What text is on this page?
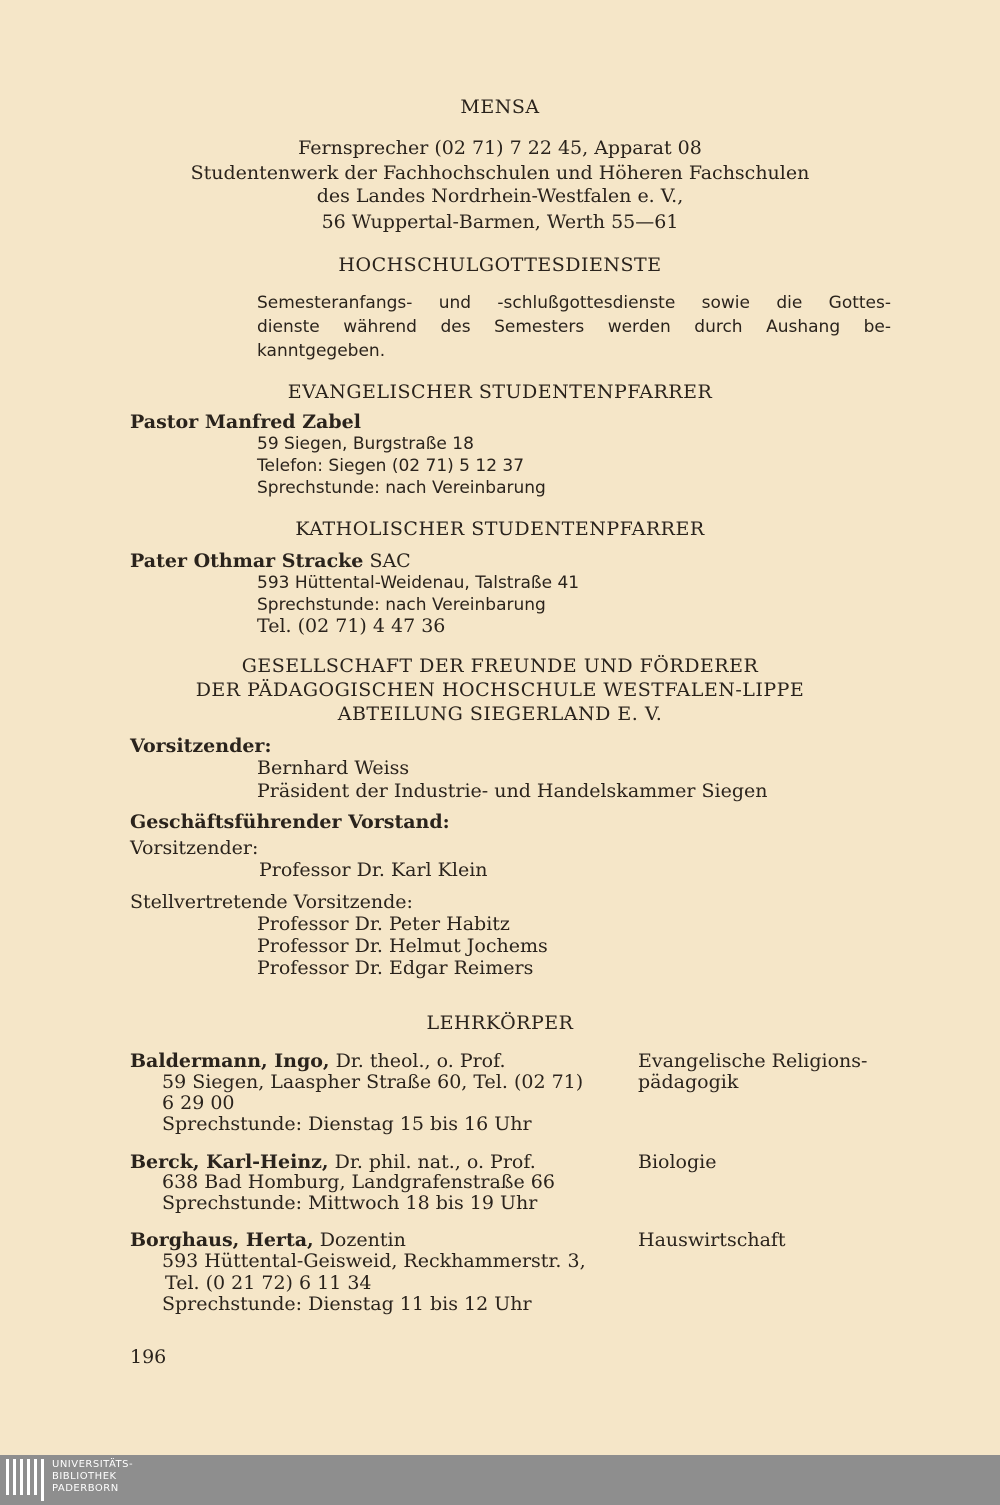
MENSA
Fernsprecher (02 71) 7 22 45, Apparat 08
Studentenwerk der Fachhochschulen und Höheren Fachschulen
des Landes Nordrhein-Westfalen e. V.,
56 Wuppertal-Barmen, Werth 55—61
HOCHSCHULGOTTESDIENSTE
Semesteranfangs- und -schlußgottesdienste sowie die Gottes-
dienste während des Semesters werden durch Aushang be-
kanntgegeben.
EVANGELISCHER STUDENTENPFARRER
Pastor Manfred Zabel
59 Siegen, Burgstraße 18
Telefon: Siegen (02 71) 5 12 37
Sprechstunde: nach Vereinbarung
KATHOLISCHER STUDENTENPFARRER
Pater Othmar Stracke SAC
593 Hüttental-Weidenau, Talstraße 41
Sprechstunde: nach Vereinbarung
Tel. (02 71) 4 47 36
GESELLSCHAFT DER FREUNDE UND FÖRDERER
DER PÄDAGOGISCHEN HOCHSCHULE WESTFALEN-LIPPE
ABTEILUNG SIEGERLAND E. V.
Vorsitzender:
Bernhard Weiss
Präsident der Industrie- und Handelskammer Siegen
Geschäftsführender Vorstand:
Vorsitzender:
Professor Dr. Karl Klein
Stellvertretende Vorsitzende:
Professor Dr. Peter Habitz
Professor Dr. Helmut Jochems
Professor Dr. Edgar Reimers
LEHRKÖRPER
Baldermann, Ingo, Dr. theol., o. Prof.	Evangelische Religions-
pädagogik
59 Siegen, Laaspher Straße 60, Tel. (02 71)
6 29 00
Sprechstunde: Dienstag 15 bis 16 Uhr
Berck, Karl-Heinz, Dr. phil. nat., o. Prof.	Biologie
638 Bad Homburg, Landgrafenstraße 66
Sprechstunde: Mittwoch 18 bis 19 Uhr
Borghaus, Herta, Dozentin	Hauswirtschaft
593 Hüttental-Geisweid, Reckhammerstr. 3,
Tel. (0 21 72) 6 11 34
Sprechstunde: Dienstag 11 bis 12 Uhr
196
UNIVERSITÄTS-
BIBLIOTHEK
PADERBORN
